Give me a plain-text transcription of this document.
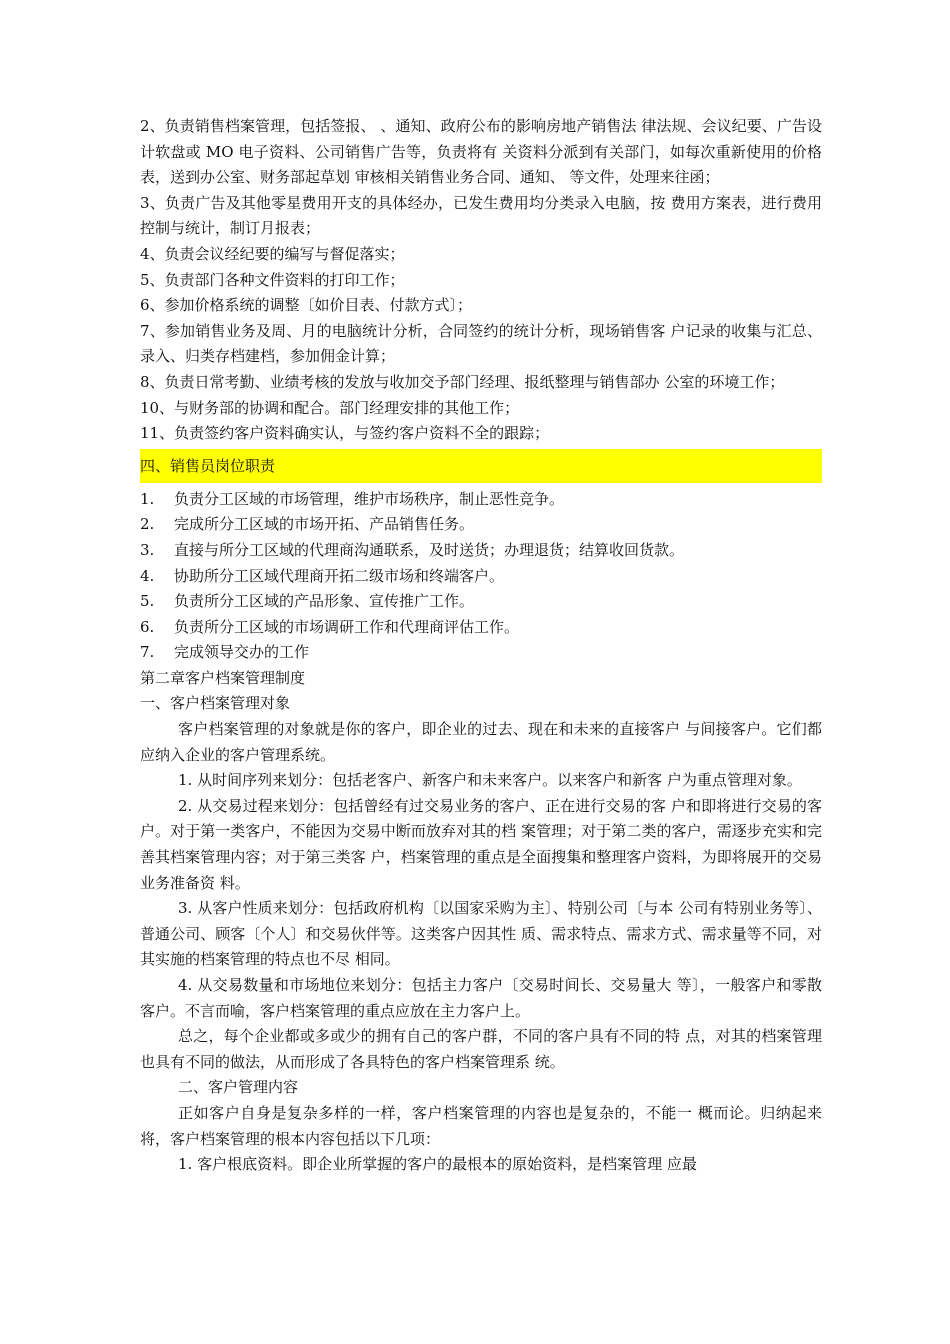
2、负责销售档案管理，包括签报、 、通知、政府公布的影响房地产销售法 律法规、会议纪要、广告设计软盘或 MO 电子资料、公司销售广告等，负责将有 关资料分派到有关部门，如每次重新使用的价格表，送到办公室、财务部起草划 审核相关销售业务合同、通知、 等文件，处理来往函；

3、负责广告及其他零星费用开支的具体经办，已发生费用均分类录入电脑，按 费用方案表，进行费用控制与统计，制订月报表；

4、负责会议经纪要的编写与督促落实；

5、负责部门各种文件资料的打印工作；

6、参加价格系统的调整〔如价目表、付款方式〕；

7、参加销售业务及周、月的电脑统计分析，合同签约的统计分析，现场销售客 户记录的收集与汇总、录入、归类存档建档，参加佣金计算；

8、负责日常考勤、业绩考核的发放与收加交予部门经理、报纸整理与销售部办 公室的环境工作；

10、与财务部的协调和配合。部门经理安排的其他工作；

11、负责签约客户资料确实认，与签约客户资料不全的跟踪；

四、销售员岗位职责

1.	负责分工区域的市场管理，维护市场秩序，制止恶性竞争。
2.	完成所分工区域的市场开拓、产品销售任务。
3.	直接与所分工区域的代理商沟通联系，及时送货；办理退货；结算收回货款。
4.	协助所分工区域代理商开拓二级市场和终端客户。
5.	负责所分工区域的产品形象、宣传推广工作。
6.	负责所分工区域的市场调研工作和代理商评估工作。
7.	完成领导交办的工作

第二章客户档案管理制度

一、客户档案管理对象

客户档案管理的对象就是你的客户，即企业的过去、现在和未来的直接客户 与间接客户。它们都应纳入企业的客户管理系统。

1. 从时间序列来划分：包括老客户、新客户和未来客户。以来客户和新客 户为重点管理对象。

2. 从交易过程来划分：包括曾经有过交易业务的客户、正在进行交易的客 户和即将进行交易的客户。对于第一类客户，不能因为交易中断而放弃对其的档 案管理；对于第二类的客户，需逐步充实和完善其档案管理内容；对于第三类客 户，档案管理的重点是全面搜集和整理客户资料，为即将展开的交易业务准备资 料。

3. 从客户性质来划分：包括政府机构〔以国家采购为主〕、特别公司〔与本 公司有特别业务等〕、普通公司、顾客〔个人〕和交易伙伴等。这类客户因其性 质、需求特点、需求方式、需求量等不同，对其实施的档案管理的特点也不尽 相同。

4. 从交易数量和市场地位来划分：包括主力客户〔交易时间长、交易量大 等〕，一般客户和零散客户。不言而喻，客户档案管理的重点应放在主力客户上。

总之，每个企业都或多或少的拥有自己的客户群，不同的客户具有不同的特 点，对其的档案管理也具有不同的做法，从而形成了各具特色的客户档案管理系 统。

二、客户管理内容

正如客户自身是复杂多样的一样，客户档案管理的内容也是复杂的，不能一 概而论。归纳起来将，客户档案管理的根本内容包括以下几项：

1. 客户根底资料。即企业所掌握的客户的最根本的原始资料，是档案管理 应最
